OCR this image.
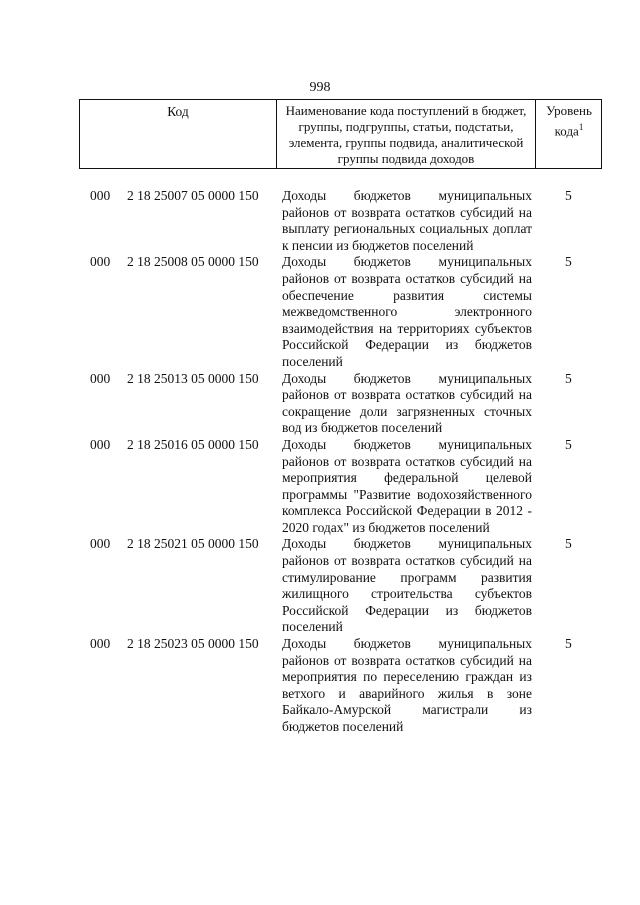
998
Код	Наименование кода поступлений в бюджет, группы, подгруппы, статьи, подстатьи, элемента, группы подвида, аналитической группы подвида доходов
Уровень кода$^1$
000 2 18 25007 05 0000 150 Доходы бюджетов муниципальных районов от возврата остатков субсидий на выплату региональных социальных доплат к пенсии из бюджетов поселений
5
000 2 18 25008 05 0000 150 Доходы бюджетов муниципальных районов от возврата остатков субсидий на обеспечение развития системы межведомственного электронного взаимодействия на территориях субъектов Российской Федерации из бюджетов поселений
5
000 2 18 25013 05 0000 150 Доходы бюджетов муниципальных районов от возврата остатков субсидий на сокращение доли загрязненных сточных вод из бюджетов поселений
5
000 2 18 25016 05 0000 150 Доходы бюджетов муниципальных районов от возврата остатков субсидий на мероприятия федеральной целевой программы "Развитие водохозяйственного комплекса Российской Федерации в 2012 - 2020 годах" из бюджетов поселений
5
000 2 18 25021 05 0000 150 Доходы бюджетов муниципальных районов от возврата остатков субсидий на стимулирование программ развития жилищного строительства субъектов Российской Федерации из бюджетов поселений
5
000 2 18 25023 05 0000 150 Доходы бюджетов муниципальных районов от возврата остатков субсидий на мероприятия по переселению граждан из ветхого и аварийного жилья в зоне Байкало-Амурской магистрали из бюджетов поселений
5
